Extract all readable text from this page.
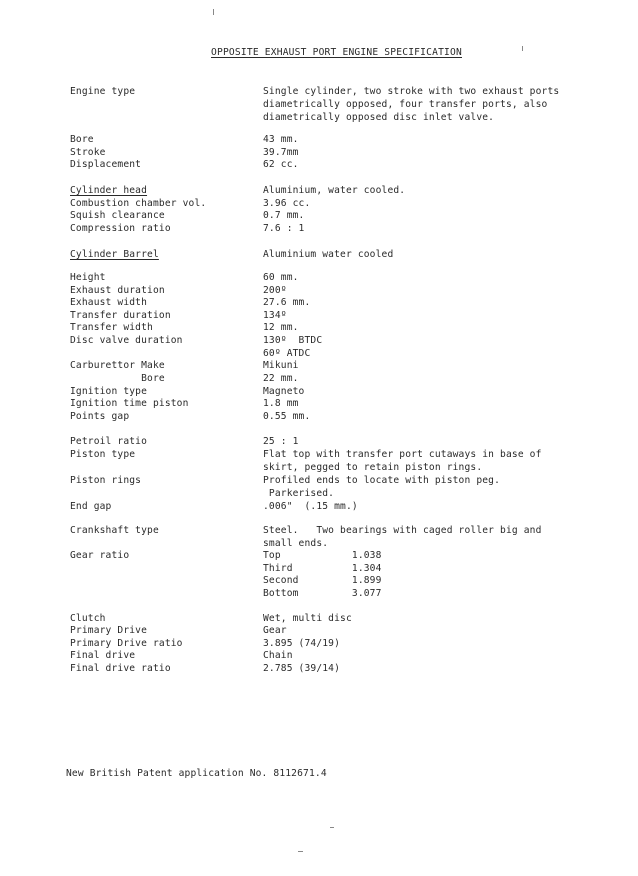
OPPOSITE EXHAUST PORT ENGINE SPECIFICATION
Engine type	Single cylinder, two stroke with two exhaust ports
diametrically opposed, four transfer ports, also
diametrically opposed disc inlet valve.
Bore	43 mm.
Stroke	39.7mm
Displacement	62 cc.
Cylinder head	Aluminium, water cooled.
Combustion chamber vol.	3.96 cc.
Squish clearance	0.7 mm.
Compression ratio	7.6 : 1
Cylinder Barrel	Aluminium water cooled
Height	60 mm.
Exhaust duration	200º
Exhaust width	27.6 mm.
Transfer duration	134º
Transfer width	12 mm.
Disc valve duration	130º  BTDC
60º ATDC
Carburettor Make	Mikuni
Bore	22 mm.
Ignition type	Magneto
Ignition time piston	1.8 mm
Points gap	0.55 mm.
Petroil ratio	25 : 1
Piston type	Flat top with transfer port cutaways in base of
skirt, pegged to retain piston rings.
Piston rings	Profiled ends to locate with piston peg.
Parkerised.
End gap	.006"  (.15 mm.)
Crankshaft type	Steel.   Two bearings with caged roller big and
small ends.
Gear ratio	Top            1.038
Third          1.304
Second         1.899
Bottom         3.077
Clutch	Wet, multi disc
Primary Drive	Gear
Primary Drive ratio	3.895 (74/19)
Final drive	Chain
Final drive ratio	2.785 (39/14)
New British Patent application No. 8112671.4
